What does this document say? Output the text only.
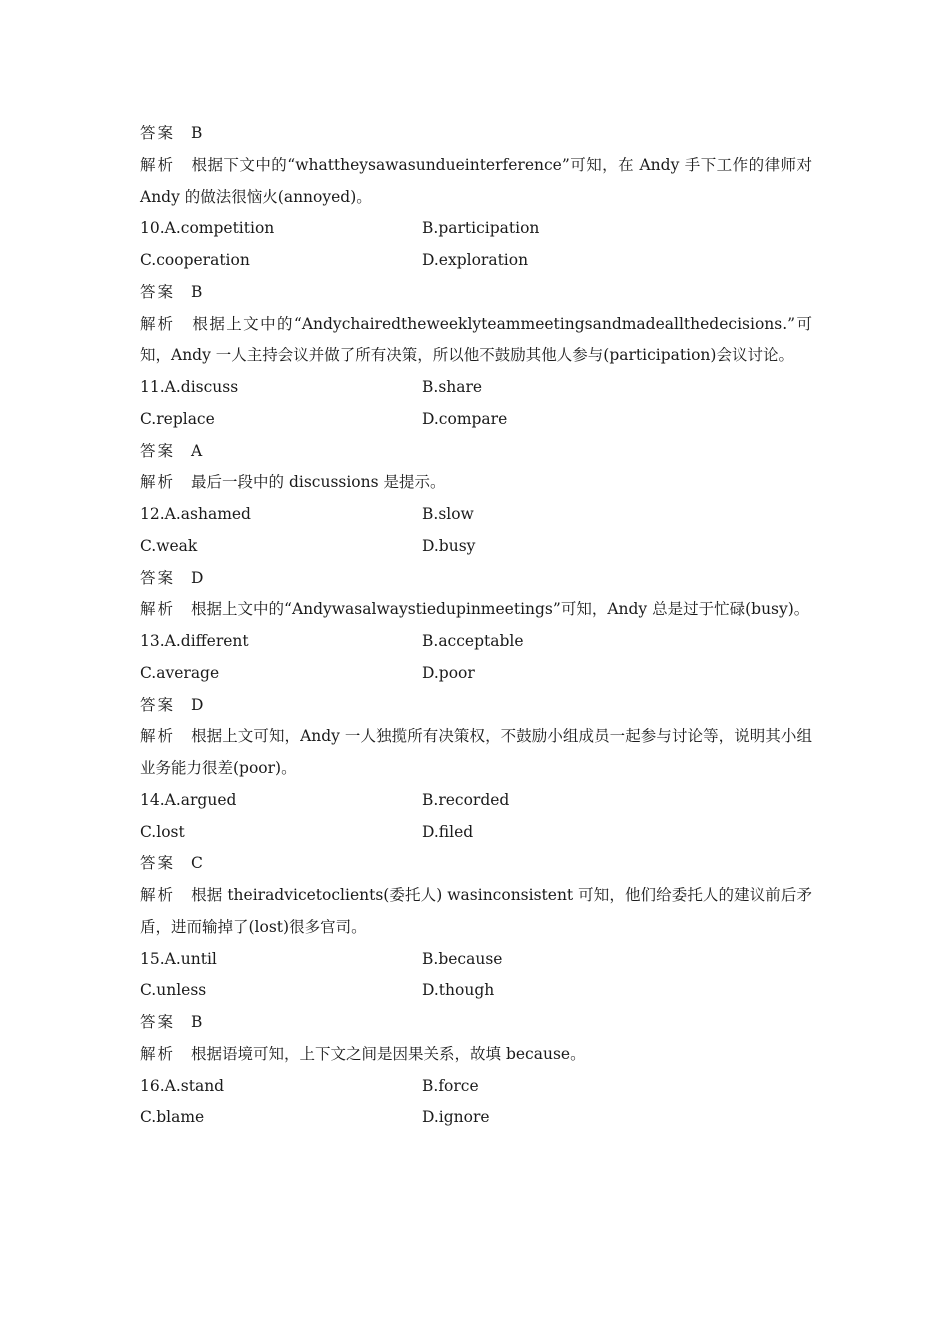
答案 B
解析 根据下文中的“whattheysawasundueinterference”可知，在 Andy 手下工作的律师对 Andy 的做法很恼火(annoyed)。
10.A.competition	B.participation
C.cooperation	D.exploration
答案 B
解析 根据上文中的“Andychairedtheweeklyteammeetingsandmadeallthedecisions.”可知，Andy 一人主持会议并做了所有决策，所以他不鼓励其他人参与(participation)会议讨论。
11.A.discuss	B.share
C.replace	D.compare
答案 A
解析 最后一段中的 discussions 是提示。
12.A.ashamed	B.slow
C.weak	D.busy
答案 D
解析 根据上文中的“Andywasalwaystiedupinmeetings”可知，Andy 总是过于忙碌(busy)。
13.A.different	B.acceptable
C.average	D.poor
答案 D
解析 根据上文可知，Andy 一人独揽所有决策权，不鼓励小组成员一起参与讨论等，说明其小组业务能力很差(poor)。
14.A.argued	B.recorded
C.lost	D.filed
答案 C
解析 根据 theiradvicetoclients(委托人) wasinconsistent 可知，他们给委托人的建议前后矛盾，进而输掉了(lost)很多官司。
15.A.until	B.because
C.unless	D.though
答案 B
解析 根据语境可知，上下文之间是因果关系，故填 because。
16.A.stand	B.force
C.blame	D.ignore
